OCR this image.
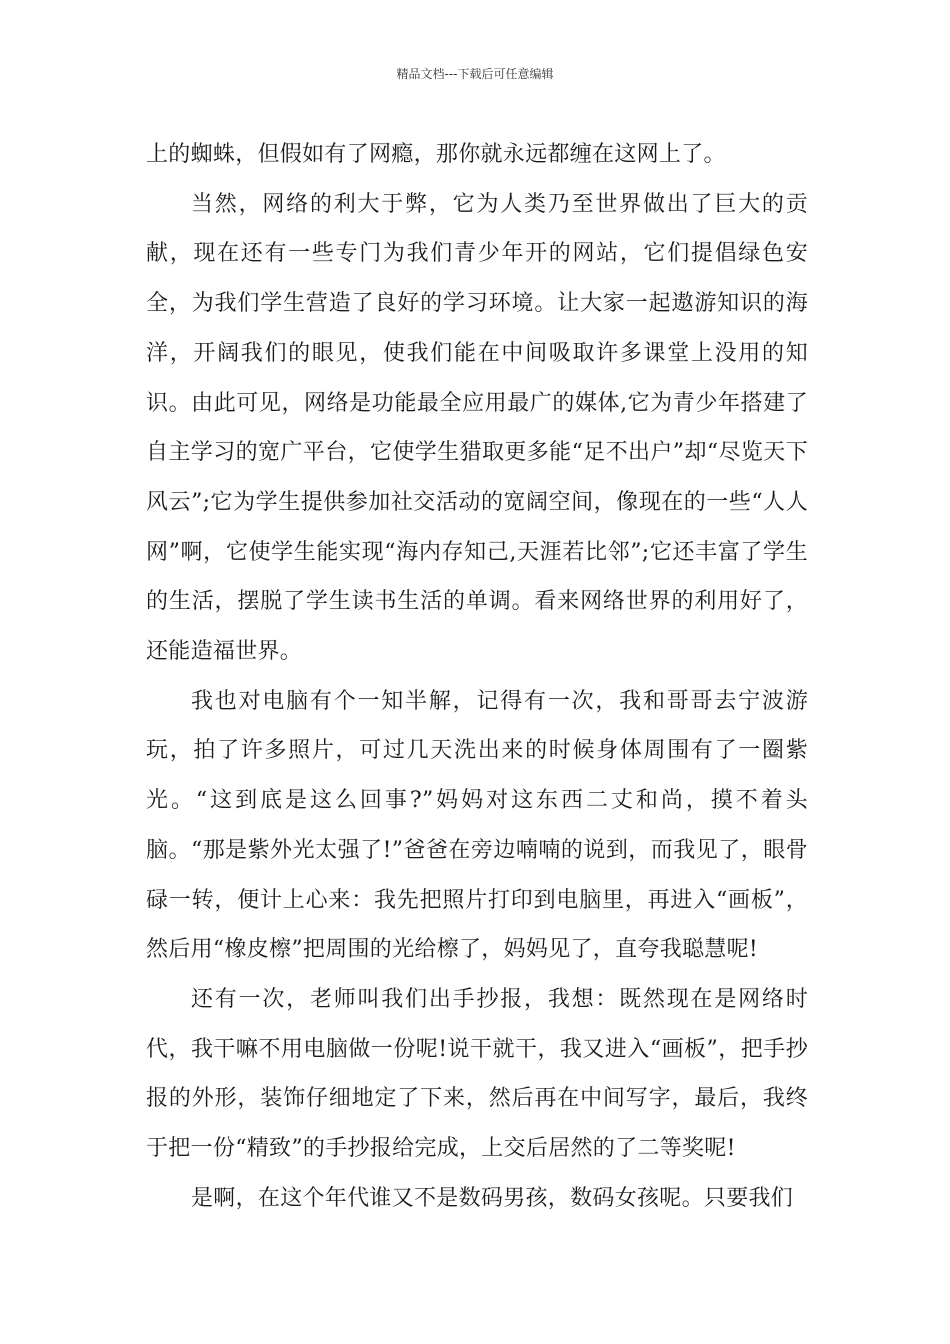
精品文档---下载后可任意编辑

上的蜘蛛，但假如有了网瘾，那你就永远都缠在这网上了。

当然，网络的利大于弊，它为人类乃至世界做出了巨大的贡献，现在还有一些专门为我们青少年开的网站，它们提倡绿色安全，为我们学生营造了良好的学习环境。让大家一起遨游知识的海洋，开阔我们的眼见，使我们能在中间吸取许多课堂上没用的知识。由此可见，网络是功能最全应用最广的媒体,它为青少年搭建了自主学习的宽广平台，它使学生猎取更多能“足不出户”却“尽览天下风云”;它为学生提供参加社交活动的宽阔空间，像现在的一些“人人网”啊，它使学生能实现“海内存知己,天涯若比邻”;它还丰富了学生的生活，摆脱了学生读书生活的单调。看来网络世界的利用好了，还能造福世界。

我也对电脑有个一知半解，记得有一次，我和哥哥去宁波游玩，拍了许多照片，可过几天洗出来的时候身体周围有了一圈紫光。“这到底是这么回事?”妈妈对这东西二丈和尚，摸不着头脑。“那是紫外光太强了!”爸爸在旁边喃喃的说到，而我见了，眼骨碌一转，便计上心来：我先把照片打印到电脑里，再进入“画板”，然后用“橡皮檫”把周围的光给檫了，妈妈见了，直夸我聪慧呢!

还有一次，老师叫我们出手抄报，我想：既然现在是网络时代，我干嘛不用电脑做一份呢!说干就干，我又进入“画板”，把手抄报的外形，装饰仔细地定了下来，然后再在中间写字，最后，我终于把一份“精致”的手抄报给完成，上交后居然的了二等奖呢!

是啊，在这个年代谁又不是数码男孩，数码女孩呢。只要我们
